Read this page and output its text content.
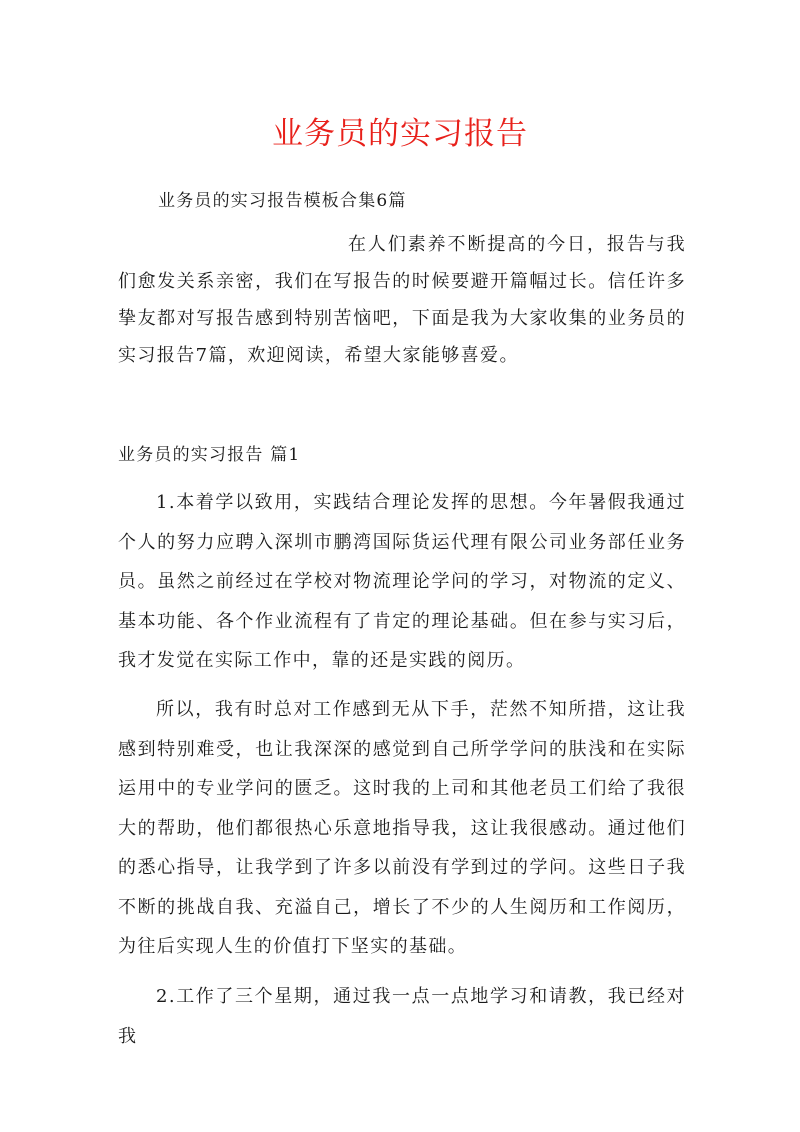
业务员的实习报告

业务员的实习报告模板合集6篇

在人们素养不断提高的今日，报告与我们愈发关系亲密，我们在写报告的时候要避开篇幅过长。信任许多挚友都对写报告感到特别苦恼吧，下面是我为大家收集的业务员的实习报告7篇，欢迎阅读，希望大家能够喜爱。

业务员的实习报告 篇1

1.本着学以致用，实践结合理论发挥的思想。今年暑假我通过个人的努力应聘入深圳市鹏湾国际货运代理有限公司业务部任业务员。虽然之前经过在学校对物流理论学问的学习，对物流的定义、基本功能、各个作业流程有了肯定的理论基础。但在参与实习后，我才发觉在实际工作中，靠的还是实践的阅历。

所以，我有时总对工作感到无从下手，茫然不知所措，这让我感到特别难受，也让我深深的感觉到自己所学学问的肤浅和在实际运用中的专业学问的匮乏。这时我的上司和其他老员工们给了我很大的帮助，他们都很热心乐意地指导我，这让我很感动。通过他们的悉心指导，让我学到了许多以前没有学到过的学问。这些日子我不断的挑战自我、充溢自己，增长了不少的人生阅历和工作阅历，为往后实现人生的价值打下坚实的基础。

2.工作了三个星期，通过我一点一点地学习和请教，我已经对我
